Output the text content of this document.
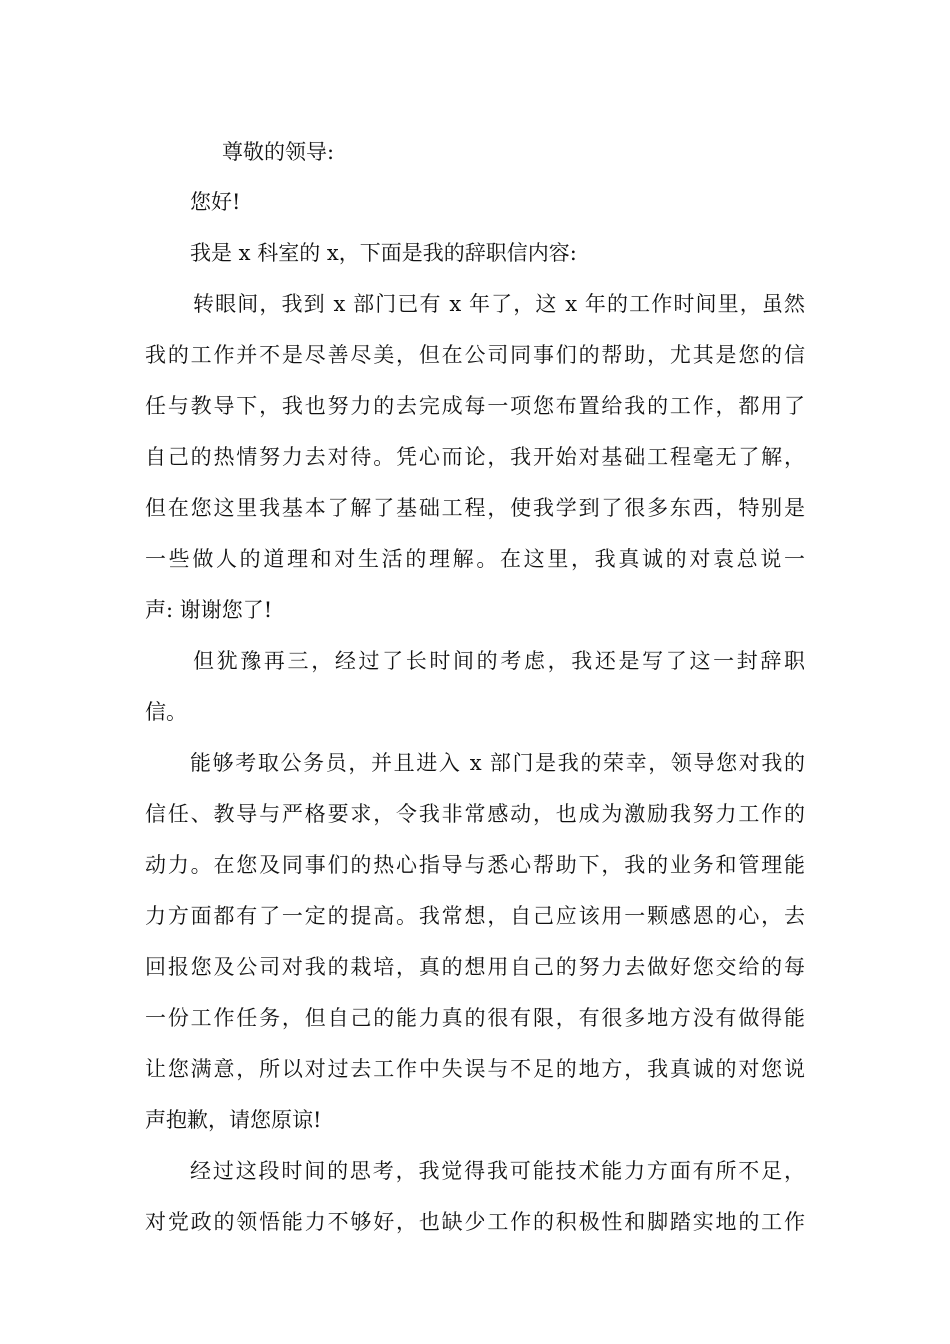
尊敬的领导:
您好!
我是 x 科室的 x，下面是我的辞职信内容:
转眼间，我到 x 部门已有 x 年了，这 x 年的工作时间里，虽然
我的工作并不是尽善尽美，但在公司同事们的帮助，尤其是您的信
任与教导下，我也努力的去完成每一项您布置给我的工作，都用了
自己的热情努力去对待。凭心而论，我开始对基础工程毫无了解，
但在您这里我基本了解了基础工程，使我学到了很多东西，特别是
一些做人的道理和对生活的理解。在这里，我真诚的对袁总说一
声: 谢谢您了!
但犹豫再三，经过了长时间的考虑，我还是写了这一封辞职
信。
能够考取公务员，并且进入 x 部门是我的荣幸，领导您对我的
信任、教导与严格要求，令我非常感动，也成为激励我努力工作的
动力。在您及同事们的热心指导与悉心帮助下，我的业务和管理能
力方面都有了一定的提高。我常想，自己应该用一颗感恩的心，去
回报您及公司对我的栽培，真的想用自己的努力去做好您交给的每
一份工作任务，但自己的能力真的很有限，有很多地方没有做得能
让您满意，所以对过去工作中失误与不足的地方，我真诚的对您说
声抱歉，请您原谅!
经过这段时间的思考，我觉得我可能技术能力方面有所不足，
对党政的领悟能力不够好，也缺少工作的积极性和脚踏实地的工作
